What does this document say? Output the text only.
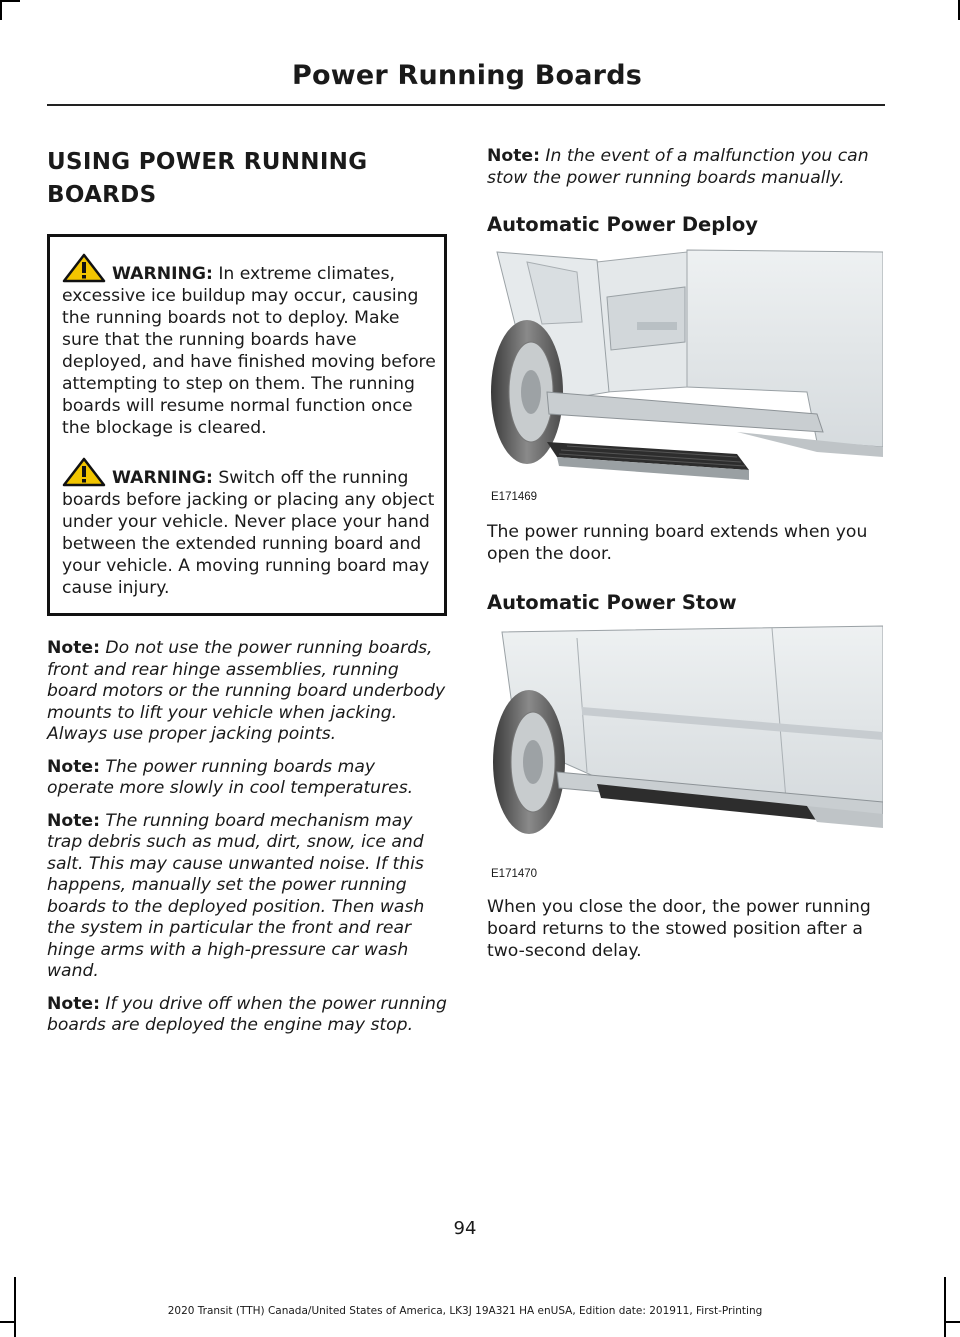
Power Running Boards
USING POWER RUNNING BOARDS

WARNING: In extreme climates, excessive ice buildup may occur, causing the running boards not to deploy. Make sure that the running boards have deployed, and have finished moving before attempting to step on them. The running boards will resume normal function once the blockage is cleared.

WARNING: Switch off the running boards before jacking or placing any object under your vehicle. Never place your hand between the extended running board and your vehicle. A moving running board may cause injury.

Note: Do not use the power running boards, front and rear hinge assemblies, running board motors or the running board underbody mounts to lift your vehicle when jacking. Always use proper jacking points.

Note: The power running boards may operate more slowly in cool temperatures.

Note: The running board mechanism may trap debris such as mud, dirt, snow, ice and salt. This may cause unwanted noise. If this happens, manually set the power running boards to the deployed position. Then wash the system in particular the front and rear hinge arms with a high-pressure car wash wand.

Note: If you drive off when the power running boards are deployed the engine may stop.

Note: In the event of a malfunction you can stow the power running boards manually.

Automatic Power Deploy
E171469

The power running board extends when you open the door.

Automatic Power Stow
E171470

When you close the door, the power running board returns to the stowed position after a two-second delay.

94
2020 Transit (TTH) Canada/United States of America, LK3J 19A321 HA enUSA, Edition date: 201911, First-Printing
